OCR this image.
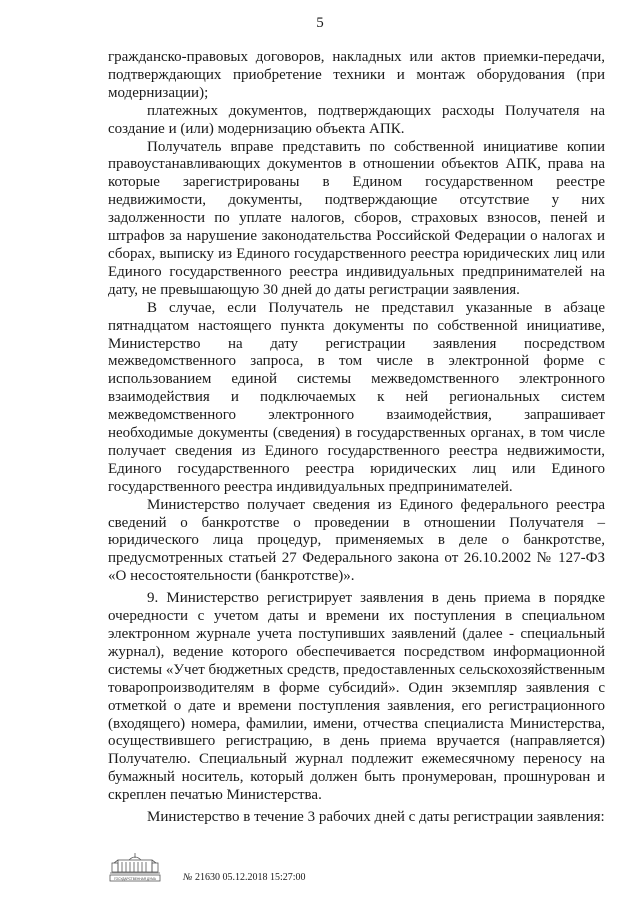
5

гражданско-правовых договоров, накладных или актов приемки-передачи, подтверждающих приобретение техники и монтаж оборудования (при модернизации);

платежных документов, подтверждающих расходы Получателя на создание и (или) модернизацию объекта АПК.

Получатель вправе представить по собственной инициативе копии правоустанавливающих документов в отношении объектов АПК, права на которые зарегистрированы в Едином государственном реестре недвижимости, документы, подтверждающие отсутствие у них задолженности по уплате налогов, сборов, страховых взносов, пеней и штрафов за нарушение законодательства Российской Федерации о налогах и сборах, выписку из Единого государственного реестра юридических лиц или Единого государственного реестра индивидуальных предпринимателей на дату, не превышающую 30 дней до даты регистрации заявления.

В случае, если Получатель не представил указанные в абзаце пятнадцатом настоящего пункта документы по собственной инициативе, Министерство на дату регистрации заявления посредством межведомственного запроса, в том числе в электронной форме с использованием единой системы межведомственного электронного взаимодействия и подключаемых к ней региональных систем межведомственного электронного взаимодействия, запрашивает необходимые документы (сведения) в государственных органах, в том числе получает сведения из Единого государственного реестра недвижимости, Единого государственного реестра юридических лиц или Единого государственного реестра индивидуальных предпринимателей.

Министерство получает сведения из Единого федерального реестра сведений о банкротстве о проведении в отношении Получателя – юридического лица процедур, применяемых в деле о банкротстве, предусмотренных статьей 27 Федерального закона от 26.10.2002 № 127-ФЗ «О несостоятельности (банкротстве)».

9. Министерство регистрирует заявления в день приема в порядке очередности с учетом даты и времени их поступления в специальном электронном журнале учета поступивших заявлений (далее - специальный журнал), ведение которого обеспечивается посредством информационной системы «Учет бюджетных средств, предоставленных сельскохозяйственным товаропроизводителям в форме субсидий». Один экземпляр заявления с отметкой о дате и времени поступления заявления, его регистрационного (входящего) номера, фамилии, имени, отчества специалиста Министерства, осуществившего регистрацию, в день приема вручается (направляется) Получателю. Специальный журнал подлежит ежемесячному переносу на бумажный носитель, который должен быть пронумерован, прошнурован и скреплен печатью Министерства.

Министерство в течение 3 рабочих дней с даты регистрации заявления:

ГОСУДАРСТВЕННАЯ ДУМА	№ 21630 05.12.2018 15:27:00
